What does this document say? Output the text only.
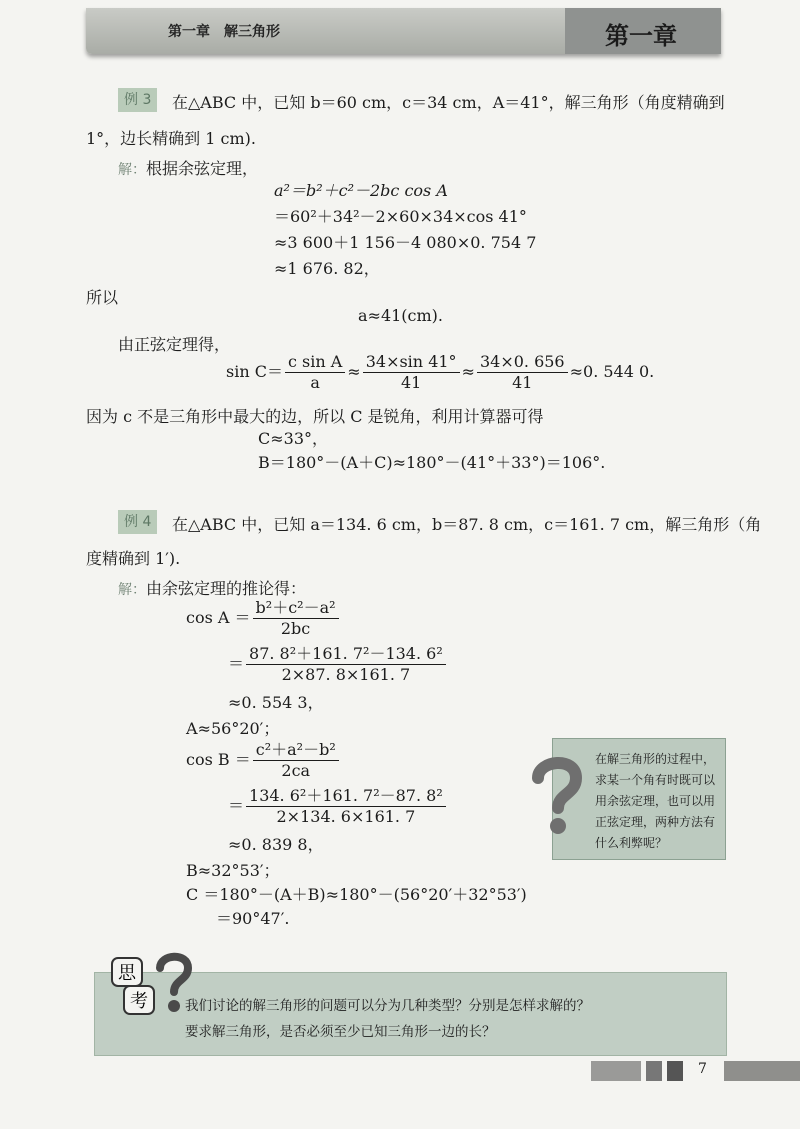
第一章　解三角形	第一章
例 3	在△ABC 中，已知 b＝60 cm，c＝34 cm，A＝41°，解三角形（角度精确到
1°，边长精确到 1 cm).
解：根据余弦定理，
a²＝b²＋c²－2bc cos A
＝60²＋34²－2×60×34×cos 41°
≈3 600＋1 156－4 080×0. 754 7
≈1 676. 82，
所以
a≈41(cm).
由正弦定理得，
$\sin C= \frac{\text{c sin A}}{a} \approx \frac{34\times\sin 41^\circ}{41} \approx \frac{34\times 0. 656}{41} \approx 0$. 544 0.
因为 c 不是三角形中最大的边，所以 C 是锐角，利用计算器可得
C≈33°，
B＝180°－(A＋C)≈180°－(41°＋33°)＝106°.
例 4	在△ABC 中，已知 a＝134. 6 cm，b＝87. 8 cm，c＝161. 7 cm，解三角形（角
度精确到 1′).
解：由余弦定理的推论得：
$\cos A = \frac{\text{b²＋c²－a²}}{2bc}$
＝ $\frac{\text{87. 8²＋161. 7²－134. 6²}}{2\times 87. 8\times 161. 7}$
≈0. 554 3，
A≈56°20′；
$\cos B = \frac{\text{c²＋a²－b²}}{2ca}$
＝ $\frac{\text{134. 6²＋161. 7²－87. 8²}}{2\times 134. 6\times 161. 7}$
≈0. 839 8，
B≈32°53′；
C ＝180°－(A＋B)≈180°－(56°20′＋32°53′)
＝90°47′.
在解三角形的过程中，求某一个角有时既可以用余弦定理，也可以用正弦定理，两种方法有什么利弊呢？
我们讨论的解三角形的问题可以分为几种类型？分别是怎样求解的？
要求解三角形，是否必须至少已知三角形一边的长？
思
考
7
